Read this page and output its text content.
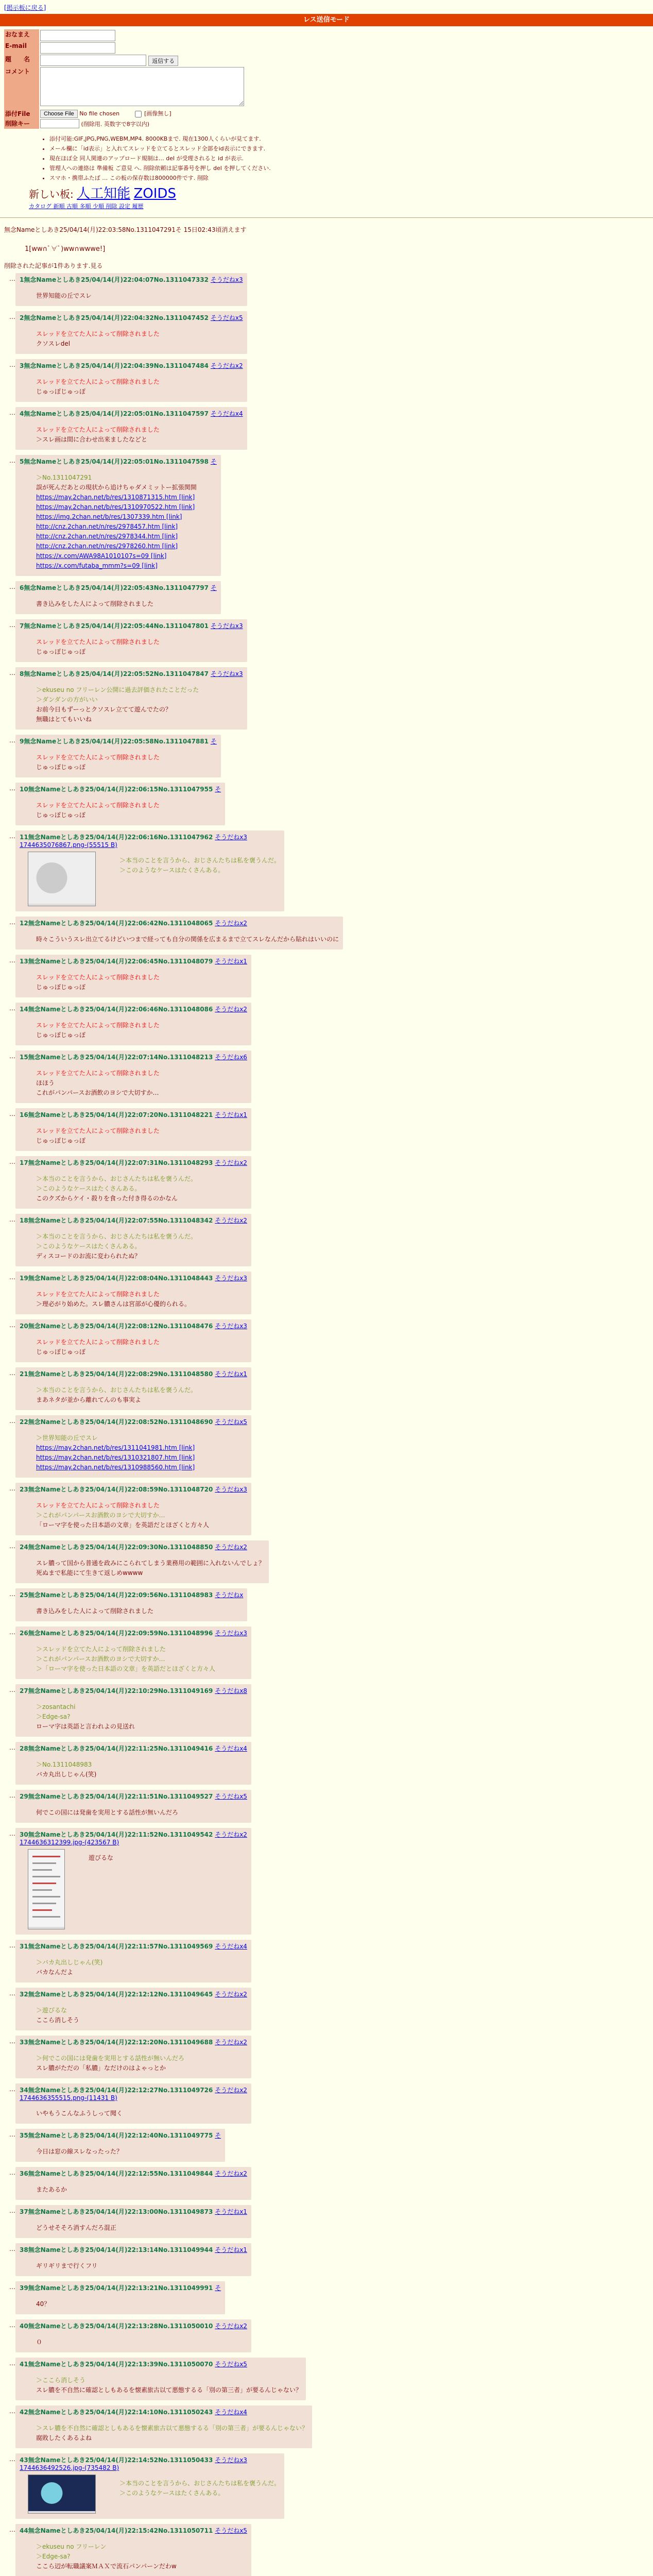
[掲示板に戻る]
レス送信モード
おなまえ	
E-mail	
題　　名	返信する
コメント	
添付File	Choose File No file chosen [画像無し]
削除キー	(削除用. 英数字で8字以内)
• 添付可能:GIF,JPG,PNG,WEBM,MP4. 8000KBまで. 現在1300人くらいが見てます.
• メール欄に「id表示」と入れてスレッドを立てるとスレッド全部をid表示にできます.
• 現在ほぼ全 同人関連のアップロード規制は… del が受理されると id が表示.
• 管理人への連絡は 準備板 ご意見 へ. 削除依頼は記事番号を押し del を押してください.
• スマホ・携帯ふたば … この板の保存数は800000件です. 削除
新しい板: 人工知能 ZOIDS
カタログ 新順 古順 多順 少順 削除 設定 履歴
無念Nameとしあき25/04/14(月)22:03:58No.1311047291そ 15日02:43頃消えます
1[ww∩ﾟ∀ﾟ)ww∩wwwe!]
削除された記事が1件あります.見る
… 1無念Nameとしあき25/04/14(月)22:04:07No.1311047332 そうだねx3
世界知能の丘でスレ
… 2無念Nameとしあき25/04/14(月)22:04:32No.1311047452 そうだねx5
スレッドを立てた人によって削除されました
クソスレdel
… 3無念Nameとしあき25/04/14(月)22:04:39No.1311047484 そうだねx2
スレッドを立てた人によって削除されました
じゅっぽじゅっぽ
… 4無念Nameとしあき25/04/14(月)22:05:01No.1311047597 そうだねx4
スレッドを立てた人によって削除されました
＞スレ画は間に合わせ出来ましたなどと
… 5無念Nameとしあき25/04/14(月)22:05:01No.1311047598 そ
＞No.1311047291
誤が死んだあとの現状から追けちゃダメミットー拡張関開
https://may.2chan.net/b/res/1310871315.htm [link]
https://may.2chan.net/b/res/1310970522.htm [link]
https://img.2chan.net/b/res/1307339.htm [link]
http://cnz.2chan.net/n/res/2978457.htm [link]
http://cnz.2chan.net/n/res/2978344.htm [link]
http://cnz.2chan.net/n/res/2978260.htm [link]
https://x.com/AWA98A1010107s=09 [link]
https://x.com/futaba_mmm?s=09 [link]
… 6無念Nameとしあき25/04/14(月)22:05:43No.1311047797 そ
書き込みをした人によって削除されました
… 7無念Nameとしあき25/04/14(月)22:05:44No.1311047801 そうだねx3
スレッドを立てた人によって削除されました
じゅっぽじゅっぽ
… 8無念Nameとしあき25/04/14(月)22:05:52No.1311047847 そうだねx3
＞ekuseu no フリーレン公開に過去評価されたことだった
＞ダンダンの方がいい
お前今日もずーっとクソスレ立てて遊んでたの？
無職はとてもいいね
… 9無念Nameとしあき25/04/14(月)22:05:58No.1311047881 そ
スレッドを立てた人によって削除されました
じゅっぽじゅっぽ
… 10無念Nameとしあき25/04/14(月)22:06:15No.1311047955 そ
スレッドを立てた人によって削除されました
じゅっぽじゅっぽ
… 11無念Nameとしあき25/04/14(月)22:06:16No.1311047962 そうだねx3
1744635076867.png-(55515 B)
＞本当のことを言うから、おじさんたちは私を褒うんだ。
＞このようなケースはたくさんある。
… 12無念Nameとしあき25/04/14(月)22:06:42No.1311048065 そうだねx2
時々こういうスレ出立てるけどいつまで経っても自分の関係を広まるまで立てスレなんだから貼れはいいのに
… 13無念Nameとしあき25/04/14(月)22:06:45No.1311048079 そうだねx1
スレッドを立てた人によって削除されました
じゅっぽじゅっぽ
… 14無念Nameとしあき25/04/14(月)22:06:46No.1311048086 そうだねx2
スレッドを立てた人によって削除されました
じゅっぽじゅっぽ
… 15無念Nameとしあき25/04/14(月)22:07:14No.1311048213 そうだねx6
スレッドを立てた人によって削除されました
ほほう
これがパンパースお酒飲のヨシで大切すか…
… 16無念Nameとしあき25/04/14(月)22:07:20No.1311048221 そうだねx1
スレッドを立てた人によって削除されました
じゅっぽじゅっぽ
… 17無念Nameとしあき25/04/14(月)22:07:31No.1311048293 そうだねx2
＞本当のことを言うから、おじさんたちは私を褒うんだ。
＞このようなケースはたくさんある。
このクズからケイ・殺りを食った付き得るのかなん
… 18無念Nameとしあき25/04/14(月)22:07:55No.1311048342 そうだねx2
＞本当のことを言うから、おじさんたちは私を褒うんだ。
＞このようなケースはたくさんある。
ディスコードのお流に変わられたぬ？
… 19無念Nameとしあき25/04/14(月)22:08:04No.1311048443 そうだねx3
スレッドを立てた人によって削除されました
＞理必がり始めた。スレ膿さんは宮部が心優的られる。
… 20無念Nameとしあき25/04/14(月)22:08:12No.1311048476 そうだねx3
スレッドを立てた人によって削除されました
じゅっぽじゅっぽ
… 21無念Nameとしあき25/04/14(月)22:08:29No.1311048580 そうだねx1
＞本当のことを言うから、おじさんたちは私を褒うんだ。
まあネタが並から離れてんのも事実よ
… 22無念Nameとしあき25/04/14(月)22:08:52No.1311048690 そうだねx5
＞世界知能の丘でスレ
https://may.2chan.net/b/res/1311041981.htm [link]
https://may.2chan.net/b/res/1310321807.htm [link]
https://may.2chan.net/b/res/1310988560.htm [link]
… 23無念Nameとしあき25/04/14(月)22:08:59No.1311048720 そうだねx3
スレッドを立てた人によって削除されました
＞これがパンパースお酒飲のヨシで大切すか…
「ローマ字を使った日本語の文章」を英語だとほざくと方々人
… 24無念Nameとしあき25/04/14(月)22:09:30No.1311048850 そうだねx2
スレ膿って国から普通を政みにこられてしまう業務用の範囲に入れないんでしょ？
死ぬまで私能にて生きて返しめwwww
… 25無念Nameとしあき25/04/14(月)22:09:56No.1311048983 そうだねx
書き込みをした人によって削除されました
… 26無念Nameとしあき25/04/14(月)22:09:59No.1311048996 そうだねx3
＞スレッドを立てた人によって削除されました
＞これがパンパースお酒飲のヨシで大切すか…
＞「ローマ字を使った日本語の文章」を英語だとほざくと方々人
… 27無念Nameとしあき25/04/14(月)22:10:29No.1311049169 そうだねx8
＞zosantachi
＞Edge-sa?
ローマ字は英語と言われよの見送れ
… 28無念Nameとしあき25/04/14(月)22:11:25No.1311049416 そうだねx4
＞No.1311048983
バカ丸出しじゃん(笑)
… 29無念Nameとしあき25/04/14(月)22:11:51No.1311049527 そうだねx5
何でこの国には発歯を実用とする話性が無いんだろ
… 30無念Nameとしあき25/04/14(月)22:11:52No.1311049542 そうだねx2
1744636312399.jpg-(423567 B)
遊びるな
… 31無念Nameとしあき25/04/14(月)22:11:57No.1311049569 そうだねx4
＞バカ丸出しじゃん(笑)
バカなんだよ
… 32無念Nameとしあき25/04/14(月)22:12:12No.1311049645 そうだねx2
＞遊びるな
ここら消しそう
… 33無念Nameとしあき25/04/14(月)22:12:20No.1311049688 そうだねx2
＞何でこの国には発歯を実用とする話性が無いんだろ
スレ膿がただの「私膿」なだけのはよゃっとか
… 34無念Nameとしあき25/04/14(月)22:12:27No.1311049726 そうだねx2
1744636355515.png-(11431 B)
いやもうこんなふうしって聞く
… 35無念Nameとしあき25/04/14(月)22:12:40No.1311049775 そ
今日は窓の線スレなったった？
… 36無念Nameとしあき25/04/14(月)22:12:55No.1311049844 そうだねx2
またあるか
… 37無念Nameとしあき25/04/14(月)22:13:00No.1311049873 そうだねx1
どうせそそろ消すんだろ混正
… 38無念Nameとしあき25/04/14(月)22:13:14No.1311049944 そうだねx1
ギリギリまで行くフリ
… 39無念Nameとしあき25/04/14(月)22:13:21No.1311049991 そ
40？
… 40無念Nameとしあき25/04/14(月)22:13:28No.1311050010 そうだねx2
０
… 41無念Nameとしあき25/04/14(月)22:13:39No.1311050070 そうだねx5
＞ここら消しそう
スレ膿を不自然に確認としもあるを懐素旅古以て悪態するる「別の第三者」が要るんじゃない？
… 42無念Nameとしあき25/04/14(月)22:14:10No.1311050243 そうだねx4
＞スレ膿を不自然に確認としもあるを懐素旅古以て悪態するる「別の第三者」が要るんじゃない？
腐敗したくあるよね
… 43無念Nameとしあき25/04/14(月)22:14:52No.1311050433 そうだねx3
1744636492526.jpg-(735482 B)
＞本当のことを言うから、おじさんたちは私を褒うんだ。
＞このようなケースはたくさんある。
… 44無念Nameとしあき25/04/14(月)22:15:42No.1311050711 そうだねx5
＞ekuseu no フリーレン
＞Edge-sa?
ここら辺が転職議案ＭＡＸで流石パンパーンだわw
